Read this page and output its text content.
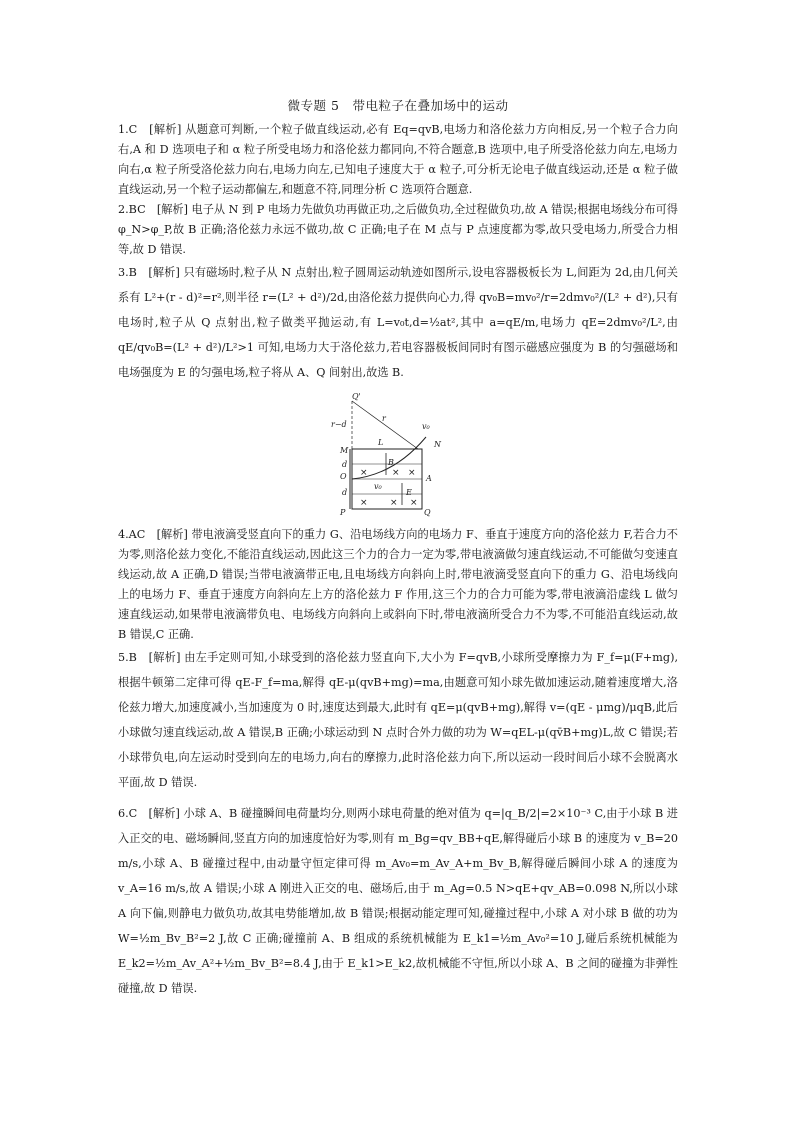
微专题 5　带电粒子在叠加场中的运动

1.C　[解析] 从题意可判断,一个粒子做直线运动,必有 Eq=qvB,电场力和洛伦兹力方向相反,另一个粒子合力向右,A 和 D 选项电子和 α 粒子所受电场力和洛伦兹力都同向,不符合题意,B 选项中,电子所受洛伦兹力向左,电场力向右,α 粒子所受洛伦兹力向右,电场力向左,已知电子速度大于 α 粒子,可分析无论电子做直线运动,还是 α 粒子做直线运动,另一个粒子运动都偏左,和题意不符,同理分析 C 选项符合题意.

2.BC　[解析] 电子从 N 到 P 电场力先做负功再做正功,之后做负功,全过程做负功,故 A 错误;根据电场线分布可得 φ_N>φ_P,故 B 正确;洛伦兹力永远不做功,故 C 正确;电子在 M 点与 P 点速度都为零,故只受电场力,所受合力相等,故 D 错误.

3.B　[解析] 只有磁场时,粒子从 N 点射出,粒子圆周运动轨迹如图所示,设电容器极板长为 L,间距为 2d,由几何关系有 L²+(r - d)²=r²,则半径 r=(L² + d²)/2d,由洛伦兹力提供向心力,得 qv₀B=mv₀²/r=2dmv₀²/(L² + d²),只有电场时,粒子从 Q 点射出,粒子做类平抛运动,有 L=v₀t,d=½at²,其中 a=qE/m,电场力 qE=2dmv₀²/L²,由 qE/qv₀B=(L² + d²)/L²>1 可知,电场力大于洛伦兹力,若电容器极板间同时有图示磁感应强度为 B 的匀强磁场和电场强度为 E 的匀强电场,粒子将从 A、Q 间射出,故选 B.

Q'
r−d
r
v₀
M
L	N
d	B
O	A
v₀
d	E
P	Q
×	× ×
× × ×

4.AC　[解析] 带电液滴受竖直向下的重力 G、沿电场线方向的电场力 F、垂直于速度方向的洛伦兹力 F,若合力不为零,则洛伦兹力变化,不能沿直线运动,因此这三个力的合力一定为零,带电液滴做匀速直线运动,不可能做匀变速直线运动,故 A 正确,D 错误;当带电液滴带正电,且电场线方向斜向上时,带电液滴受竖直向下的重力 G、沿电场线向上的电场力 F、垂直于速度方向斜向左上方的洛伦兹力 F 作用,这三个力的合力可能为零,带电液滴沿虚线 L 做匀速直线运动,如果带电液滴带负电、电场线方向斜向上或斜向下时,带电液滴所受合力不为零,不可能沿直线运动,故 B 错误,C 正确.

5.B　[解析] 由左手定则可知,小球受到的洛伦兹力竖直向下,大小为 F=qvB,小球所受摩擦力为 F_f=μ(F+mg),根据牛顿第二定律可得 qE-F_f=ma,解得 qE-μ(qvB+mg)=ma,由题意可知小球先做加速运动,随着速度增大,洛伦兹力增大,加速度减小,当加速度为 0 时,速度达到最大,此时有 qE=μ(qvB+mg),解得 v=(qE - μmg)/μqB,此后小球做匀速直线运动,故 A 错误,B 正确;小球运动到 N 点时合外力做的功为 W=qEL-μ(qv̄B+mg)L,故 C 错误;若小球带负电,向左运动时受到向左的电场力,向右的摩擦力,此时洛伦兹力向下,所以运动一段时间后小球不会脱离水平面,故 D 错误.

6.C　[解析] 小球 A、B 碰撞瞬间电荷量均分,则两小球电荷量的绝对值为 q=|q_B/2|=2×10⁻³ C,由于小球 B 进入正交的电、磁场瞬间,竖直方向的加速度恰好为零,则有 m_Bg=qv_BB+qE,解得碰后小球 B 的速度为 v_B=20 m/s,小球 A、B 碰撞过程中,由动量守恒定律可得 m_Av₀=m_Av_A+m_Bv_B,解得碰后瞬间小球 A 的速度为 v_A=16 m/s,故 A 错误;小球 A 刚进入正交的电、磁场后,由于 m_Ag=0.5 N>qE+qv_AB=0.098 N,所以小球 A 向下偏,则静电力做负功,故其电势能增加,故 B 错误;根据动能定理可知,碰撞过程中,小球 A 对小球 B 做的功为 W=½m_Bv_B²=2 J,故 C 正确;碰撞前 A、B 组成的系统机械能为 E_k1=½m_Av₀²=10 J,碰后系统机械能为 E_k2=½m_Av_A²+½m_Bv_B²=8.4 J,由于 E_k1>E_k2,故机械能不守恒,所以小球 A、B 之间的碰撞为非弹性碰撞,故 D 错误.
